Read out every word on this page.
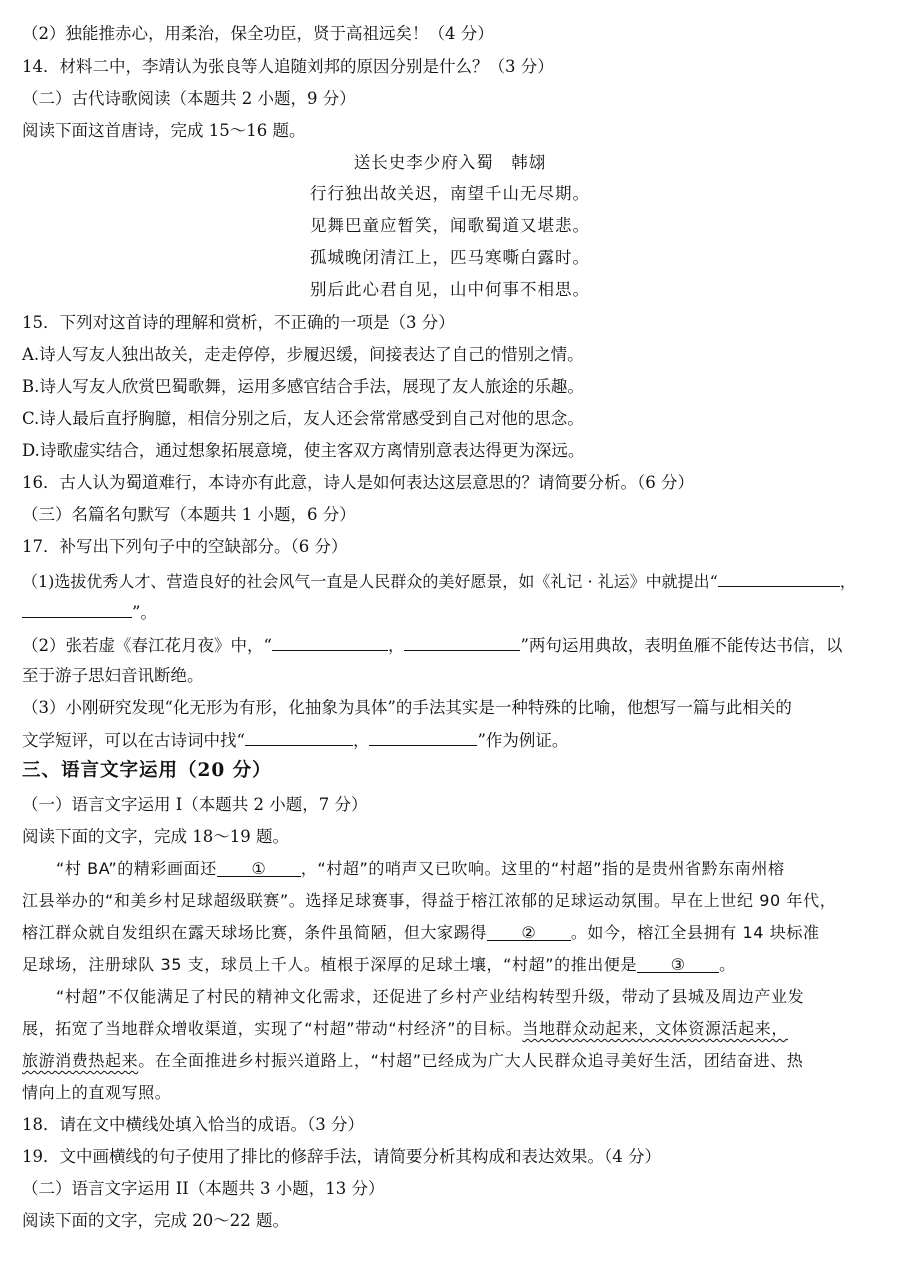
（2）独能推赤心，用柔治，保全功臣，贤于高祖远矣！（4 分）
14．材料二中，李靖认为张良等人追随刘邦的原因分别是什么？（3 分）
（二）古代诗歌阅读（本题共 2 小题，9 分）
阅读下面这首唐诗，完成 15～16 题。
送长史李少府入蜀　韩翃
行行独出故关迟，南望千山无尽期。
见舞巴童应暂笑，闻歌蜀道又堪悲。
孤城晚闭清江上，匹马寒嘶白露时。
别后此心君自见，山中何事不相思。
15．下列对这首诗的理解和赏析，不正确的一项是（3 分）
A.诗人写友人独出故关，走走停停，步履迟缓，间接表达了自己的惜别之情。
B.诗人写友人欣赏巴蜀歌舞，运用多感官结合手法，展现了友人旅途的乐趣。
C.诗人最后直抒胸臆，相信分别之后，友人还会常常感受到自己对他的思念。
D.诗歌虚实结合，通过想象拓展意境，使主客双方离情别意表达得更为深远。
16．古人认为蜀道难行，本诗亦有此意，诗人是如何表达这层意思的？请简要分析。（6 分）
（三）名篇名句默写（本题共 1 小题，6 分）
17．补写出下列句子中的空缺部分。（6 分）
（1)选拔优秀人才、营造良好的社会风气一直是人民群众的美好愿景，如《礼记 · 礼运》中就提出“	，
”。
（2）张若虚《春江花月夜》中，“	，	”两句运用典故，表明鱼雁不能传达书信，以
至于游子思妇音讯断绝。
（3）小刚研究发现“化无形为有形，化抽象为具体”的手法其实是一种特殊的比喻，他想写一篇与此相关的
文学短评，可以在古诗词中找“	，	”作为例证。
三、语言文字运用（20 分）
（一）语言文字运用 I（本题共 2 小题，7 分）
阅读下面的文字，完成 18～19 题。
“村 BA”的精彩画面还 ① ，“村超”的哨声又已吹响。这里的“村超”指的是贵州省黔东南州榕
江县举办的“和美乡村足球超级联赛”。选择足球赛事，得益于榕江浓郁的足球运动氛围。早在上世纪 90 年代，
榕江群众就自发组织在露天球场比赛，条件虽简陋，但大家踢得 ② 。如今，榕江全县拥有 14 块标准
足球场，注册球队 35 支，球员上千人。植根于深厚的足球土壤，“村超”的推出便是 ③ 。
“村超”不仅能满足了村民的精神文化需求，还促进了乡村产业结构转型升级，带动了县城及周边产业发
展，拓宽了当地群众增收渠道，实现了“村超”带动“村经济”的目标。当地群众动起来，文体资源活起来，
旅游消费热起来。在全面推进乡村振兴道路上，“村超”已经成为广大人民群众追寻美好生活，团结奋进、热
情向上的直观写照。
18．请在文中横线处填入恰当的成语。（3 分）
19．文中画横线的句子使用了排比的修辞手法，请简要分析其构成和表达效果。（4 分）
（二）语言文字运用 II（本题共 3 小题，13 分）
阅读下面的文字，完成 20～22 题。
